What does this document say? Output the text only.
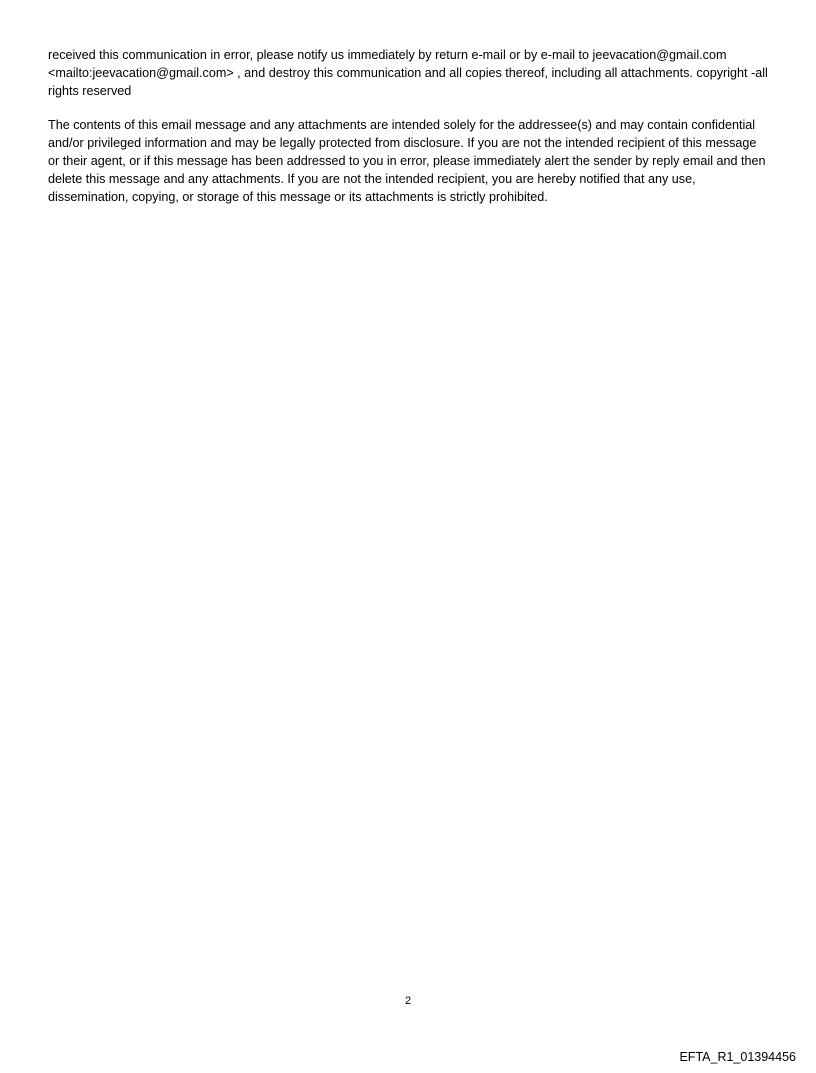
received this communication in error, please notify us immediately by return e-mail or by e-mail to jeevacation@gmail.com <mailto:jeevacation@gmail.com> , and destroy this communication and all copies thereof, including all attachments. copyright -all rights reserved

The contents of this email message and any attachments are intended solely for the addressee(s) and may contain confidential and/or privileged information and may be legally protected from disclosure. If you are not the intended recipient of this message or their agent, or if this message has been addressed to you in error, please immediately alert the sender by reply email and then delete this message and any attachments. If you are not the intended recipient, you are hereby notified that any use, dissemination, copying, or storage of this message or its attachments is strictly prohibited.

2
EFTA_R1_01394456
